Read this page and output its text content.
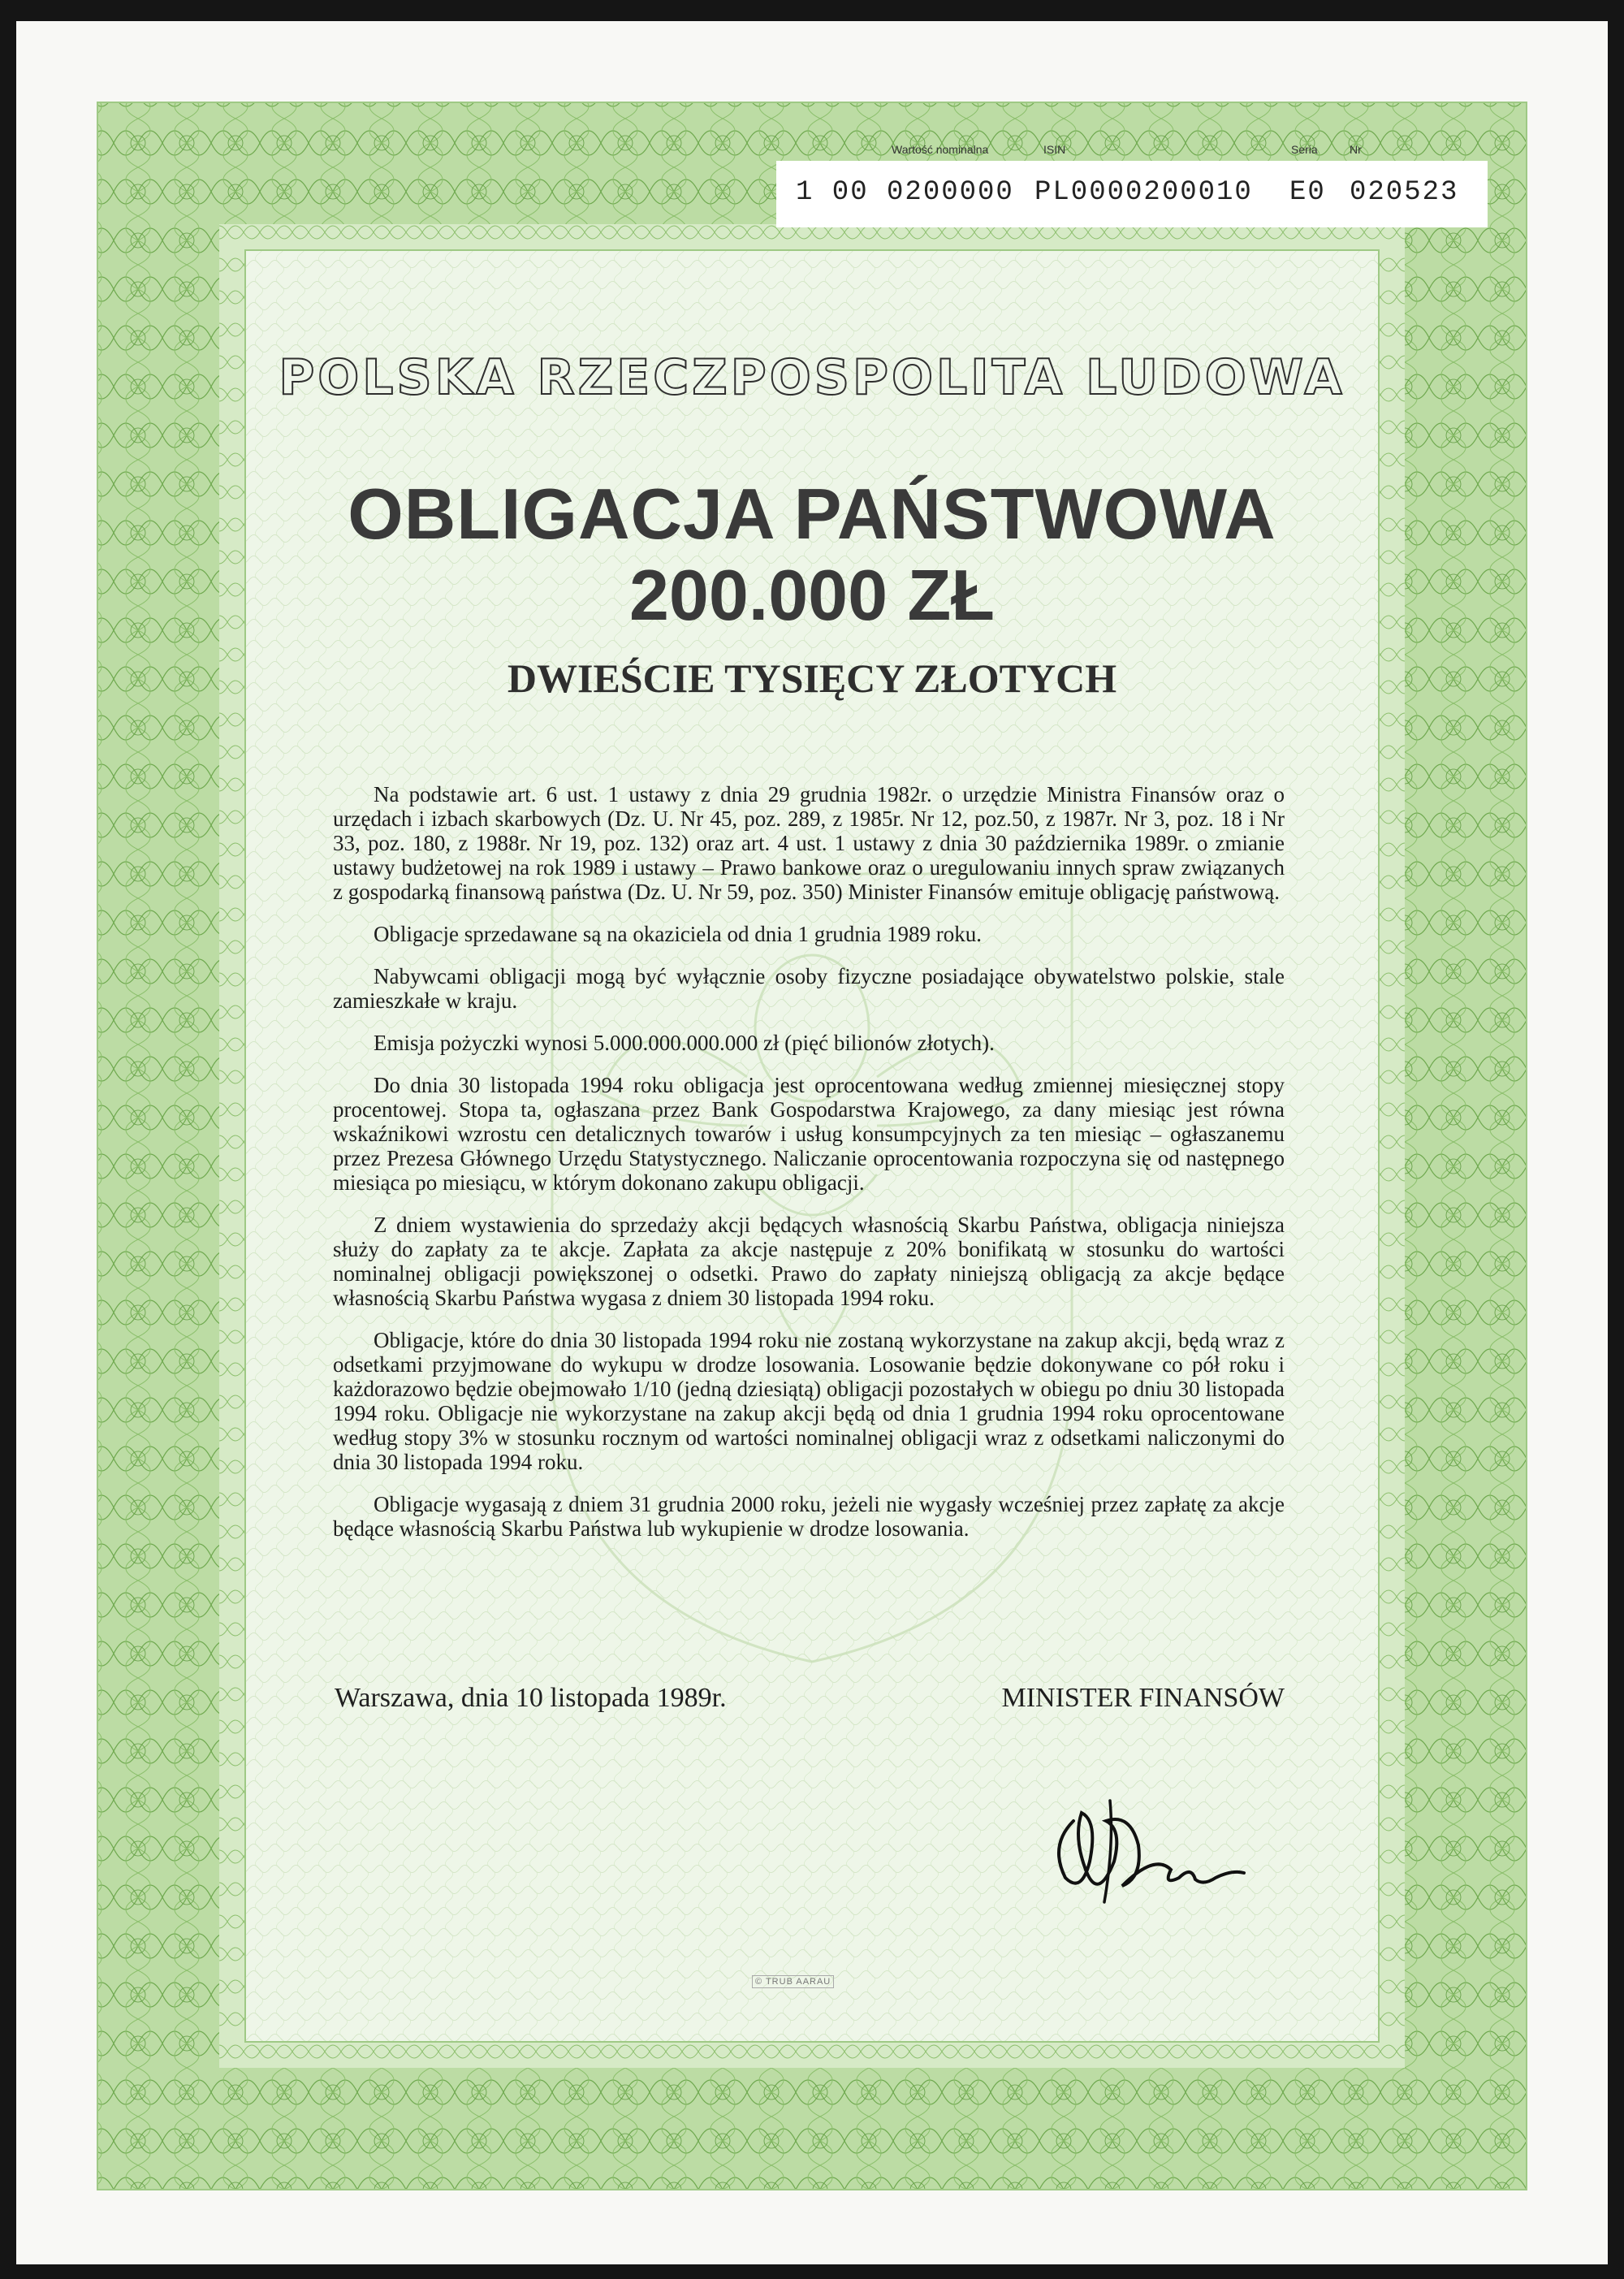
Wartość nominalna	ISIN	Seria	Nr
1 00 0200000 PL0000200010 E0 020523
POLSKA RZECZPOSPOLITA LUDOWA
OBLIGACJA PAŃSTWOWA
200.000 ZŁ
DWIEŚCIE TYSIĘCY ZŁOTYCH

Na podstawie art. 6 ust. 1 ustawy z dnia 29 grudnia 1982r. o urzędzie Ministra Finansów oraz o urzędach i izbach skarbowych (Dz. U. Nr 45, poz. 289, z 1985r. Nr 12, poz.50, z 1987r. Nr 3, poz. 18 i Nr 33, poz. 180, z 1988r. Nr 19, poz. 132) oraz art. 4 ust. 1 ustawy z dnia 30 października 1989r. o zmianie ustawy budżetowej na rok 1989 i ustawy – Prawo bankowe oraz o uregulowaniu innych spraw związanych z gospodarką finansową państwa (Dz. U. Nr 59, poz. 350) Minister Finansów emituje obligację państwową.

Obligacje sprzedawane są na okaziciela od dnia 1 grudnia 1989 roku.

Nabywcami obligacji mogą być wyłącznie osoby fizyczne posiadające obywatelstwo polskie, stale zamieszkałe w kraju.

Emisja pożyczki wynosi 5.000.000.000.000 zł (pięć bilionów złotych).

Do dnia 30 listopada 1994 roku obligacja jest oprocentowana według zmiennej miesięcznej stopy procentowej. Stopa ta, ogłaszana przez Bank Gospodarstwa Krajowego, za dany miesiąc jest równa wskaźnikowi wzrostu cen detalicznych towarów i usług konsumpcyjnych za ten miesiąc – ogłaszanemu przez Prezesa Głównego Urzędu Statystycznego. Naliczanie oprocentowania rozpoczyna się od następnego miesiąca po miesiącu, w którym dokonano zakupu obligacji.

Z dniem wystawienia do sprzedaży akcji będących własnością Skarbu Państwa, obligacja niniejsza służy do zapłaty za te akcje. Zapłata za akcje następuje z 20% bonifikatą w stosunku do wartości nominalnej obligacji powiększonej o odsetki. Prawo do zapłaty niniejszą obligacją za akcje będące własnością Skarbu Państwa wygasa z dniem 30 listopada 1994 roku.

Obligacje, które do dnia 30 listopada 1994 roku nie zostaną wykorzystane na zakup akcji, będą wraz z odsetkami przyjmowane do wykupu w drodze losowania. Losowanie będzie dokonywane co pół roku i każdorazowo będzie obejmowało 1/10 (jedną dziesiątą) obligacji pozostałych w obiegu po dniu 30 listopada 1994 roku. Obligacje nie wykorzystane na zakup akcji będą od dnia 1 grudnia 1994 roku oprocentowane według stopy 3% w stosunku rocznym od wartości nominalnej obligacji wraz z odsetkami naliczonymi do dnia 30 listopada 1994 roku.

Obligacje wygasają z dniem 31 grudnia 2000 roku, jeżeli nie wygasły wcześniej przez zapłatę za akcje będące własnością Skarbu Państwa lub wykupienie w drodze losowania.

Warszawa, dnia 10 listopada 1989r.	MINISTER FINANSÓW
© TRUB AARAU
